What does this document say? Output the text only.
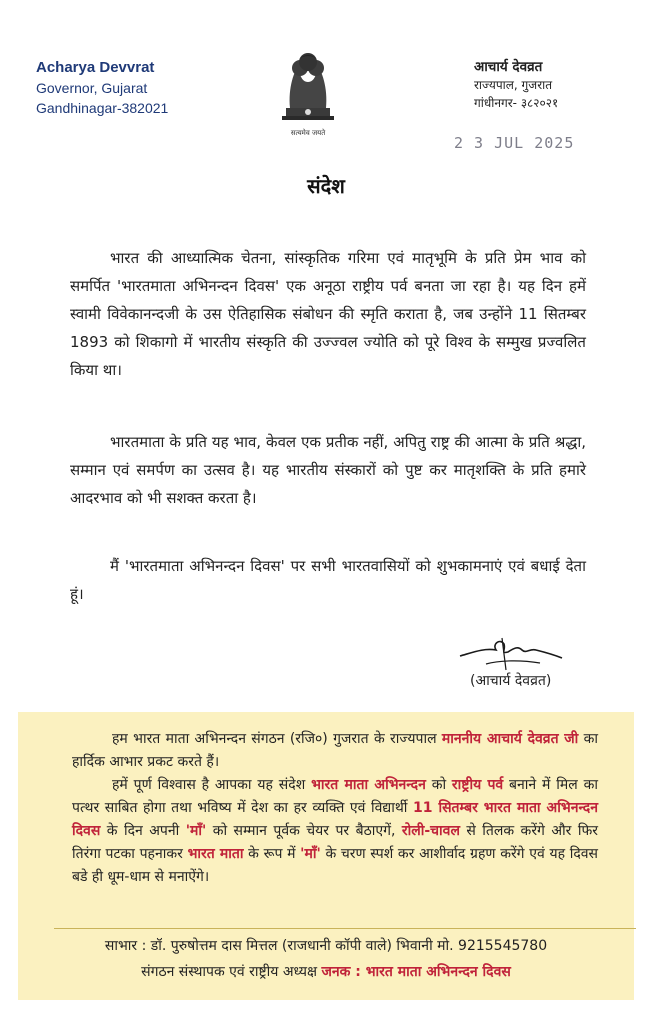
Acharya Devvrat
Governor, Gujarat
Gandhinagar-382021
सत्यमेव जयते
आचार्य देवव्रत
राज्यपाल, गुजरात
गांधीनगर- ३८२०२१
2 3 JUL 2025
संदेश

भारत की आध्यात्मिक चेतना, सांस्कृतिक गरिमा एवं मातृभूमि के प्रति प्रेम भाव को समर्पित 'भारतमाता अभिनन्दन दिवस' एक अनूठा राष्ट्रीय पर्व बनता जा रहा है। यह दिन हमें स्वामी विवेकानन्दजी के उस ऐतिहासिक संबोधन की स्मृति कराता है, जब उन्होंने 11 सितम्बर 1893 को शिकागो में भारतीय संस्कृति की उज्ज्वल ज्योति को पूरे विश्व के सम्मुख प्रज्वलित किया था।

भारतमाता के प्रति यह भाव, केवल एक प्रतीक नहीं, अपितु राष्ट्र की आत्मा के प्रति श्रद्धा, सम्मान एवं समर्पण का उत्सव है। यह भारतीय संस्कारों को पुष्ट कर मातृशक्ति के प्रति हमारे आदरभाव को भी सशक्त करता है।

मैं 'भारतमाता अभिनन्दन दिवस' पर सभी भारतवासियों को शुभकामनाएं एवं बधाई देता हूं।

(आचार्य देवव्रत)

हम भारत माता अभिनन्दन संगठन (रजि०) गुजरात के राज्यपाल माननीय आचार्य देवव्रत जी का हार्दिक आभार प्रकट करते हैं।

हमें पूर्ण विश्वास है आपका यह संदेश भारत माता अभिनन्दन को राष्ट्रीय पर्व बनाने में मिल का पत्थर साबित होगा तथा भविष्य में देश का हर व्यक्ति एवं विद्यार्थी 11 सितम्बर भारत माता अभिनन्दन दिवस के दिन अपनी 'माँ' को सम्मान पूर्वक चेयर पर बैठाएगें, रोली-चावल से तिलक करेंगे और फिर तिरंगा पटका पहनाकर भारत माता के रूप में 'माँ' के चरण स्पर्श कर आशीर्वाद ग्रहण करेंगे एवं यह दिवस बडे ही धूम-धाम से मनाऐंगे।

साभार : डॉ. पुरुषोत्तम दास मित्तल (राजधानी कॉपी वाले) भिवानी मो. 9215545780
संगठन संस्थापक एवं राष्ट्रीय अध्यक्ष जनक : भारत माता अभिनन्दन दिवस
